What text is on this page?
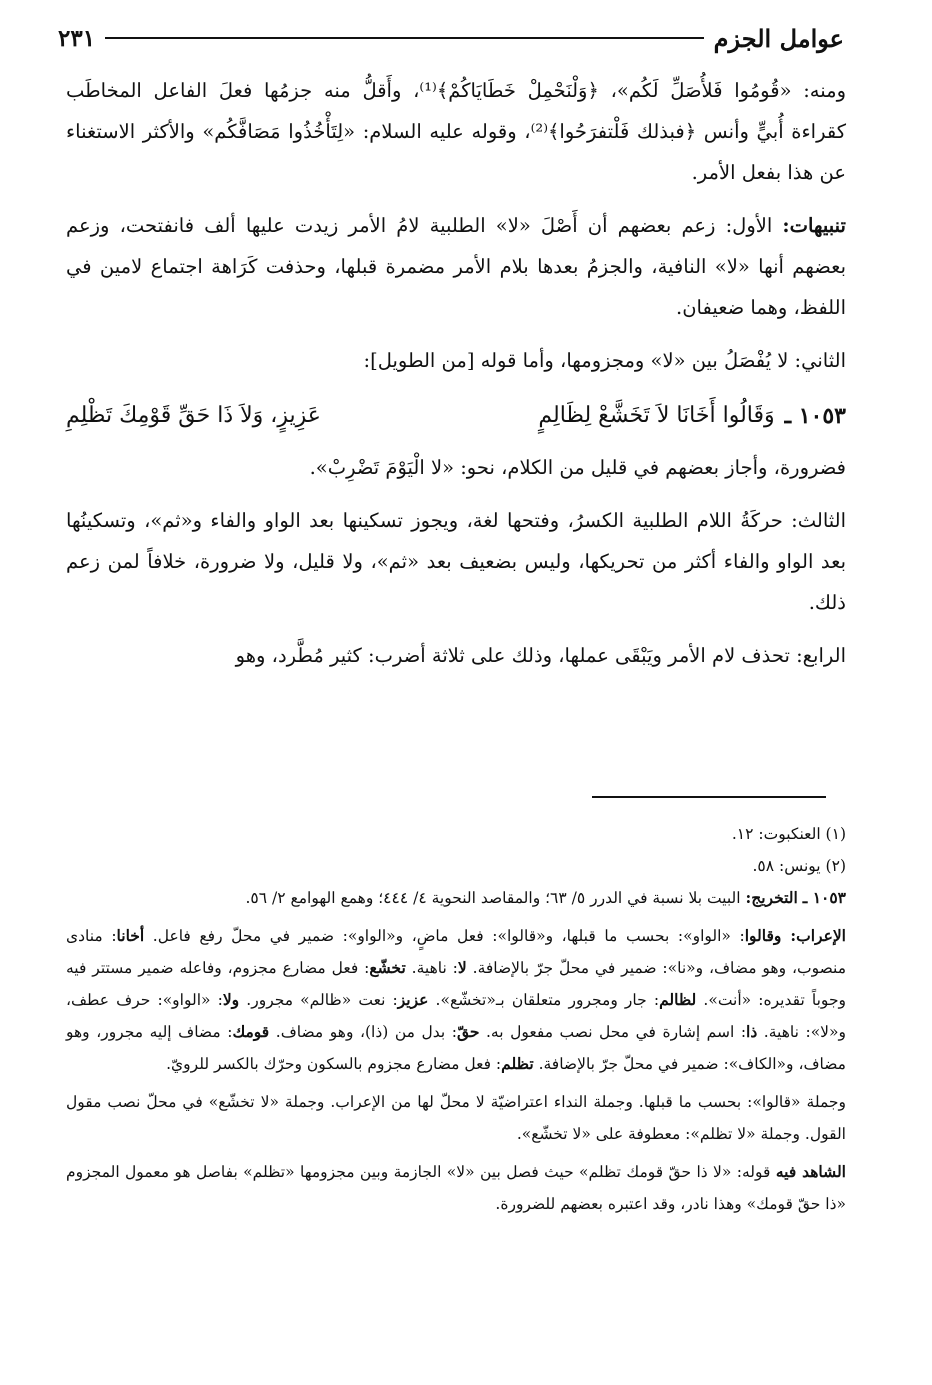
عوامل الجزم
٢٣١

ومنه: «قُومُوا فَلأُصَلِّ لَكُم»، ﴿وَلْنَحْمِلْ خَطَايَاكُمْ﴾⁽¹⁾، وأَقلُّ منه جزمُها فعلَ الفاعل المخاطَب كقراءة أُبيٍّ وأنس ﴿فبذلك فَلْتفرَحُوا﴾⁽²⁾، وقوله عليه السلام: «لِتَأْخُذُوا مَصَافَّكُم» والأكثر الاستغناء عن هذا بفعل الأمر.

تنبيهات: الأول: زعم بعضهم أن أَصْلَ «لا» الطلبية لامُ الأمر زيدت عليها ألف فانفتحت، وزعم بعضهم أنها «لا» النافية، والجزمُ بعدها بلام الأمر مضمرة قبلها، وحذفت كَرَاهة اجتماع لامين في اللفظ، وهما ضعيفان.

الثاني: لا يُفْصَلُ بين «لا» ومجزومها، وأما قوله [من الطويل]:

١٠٥٣ ـ
وَقَالُوا أَخَانَا لاَ تَخَشَّعْ لِظَالِمٍ
عَزِيزٍ، وَلاَ ذَا حَقِّ قَوْمِكَ تَظْلِمِ

فضرورة، وأجاز بعضهم في قليل من الكلام، نحو: «لا الْيَوْمَ تَضْرِبْ».

الثالث: حركَةُ اللام الطلبية الكسرُ، وفتحها لغة، ويجوز تسكينها بعد الواو والفاء و«ثم»، وتسكينُها بعد الواو والفاء أكثر من تحريكها، وليس بضعيف بعد «ثم»، ولا قليل، ولا ضرورة، خلافاً لمن زعم ذلك.

الرابع: تحذف لام الأمر ويَبْقَى عملها، وذلك على ثلاثة أضرب: كثير مُطَّرد، وهو

(١) العنكبوت: ١٢.

(٢) يونس: ٥٨.

١٠٥٣ ـ التخريج: البيت بلا نسبة في الدرر ٥/ ٦٣؛ والمقاصد النحوية ٤/ ٤٤٤؛ وهمع الهوامع ٢/ ٥٦.

الإعراب: وقالوا: «الواو»: بحسب ما قبلها، و«قالوا»: فعل ماضٍ، و«الواو»: ضمير في محلّ رفع فاعل. أخانا: منادى منصوب، وهو مضاف، و«نا»: ضمير في محلّ جرّ بالإضافة. لا: ناهية. تخشّع: فعل مضارع مجزوم، وفاعله ضمير مستتر فيه وجوباً تقديره: «أنت». لظالم: جار ومجرور متعلقان بـ«تخشّع». عزيز: نعت «ظالم» مجرور. ولا: «الواو»: حرف عطف، و«لا»: ناهية. ذا: اسم إشارة في محل نصب مفعول به. حقّ: بدل من (ذا)، وهو مضاف. قومك: مضاف إليه مجرور، وهو مضاف، و«الكاف»: ضمير في محلّ جرّ بالإضافة. تظلم: فعل مضارع مجزوم بالسكون وحرّك بالكسر للرويّ.

وجملة «قالوا»: بحسب ما قبلها. وجملة النداء اعتراضيّة لا محلّ لها من الإعراب. وجملة «لا تخشّع» في محلّ نصب مقول القول. وجملة «لا تظلم»: معطوفة على «لا تخشّع».

الشاهد فيه قوله: «لا ذا حقّ قومك تظلم» حيث فصل بين «لا» الجازمة وبين مجزومها «تظلم» بفاصل هو معمول المجزوم «ذا حقّ قومك» وهذا نادر، وقد اعتبره بعضهم للضرورة.
